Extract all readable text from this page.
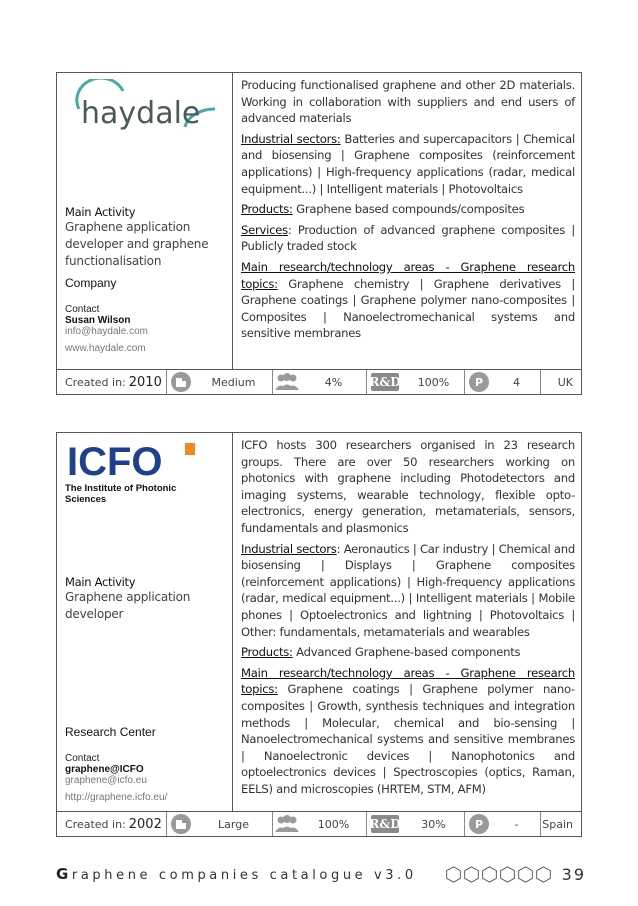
haydale
Main Activity
Graphene application developer and graphene functionalisation
Company
Contact
Susan Wilson
info@haydale.com
www.haydale.com

Producing functionalised graphene and other 2D materials. Working in collaboration with suppliers and end users of advanced materials

Industrial sectors: Batteries and supercapacitors | Chemical and biosensing | Graphene composites (reinforcement applications) | High-frequency applications (radar, medical equipment...) | Intelligent materials | Photovoltaics

Products: Graphene based compounds/composites

Services: Production of advanced graphene composites | Publicly traded stock

Main research/technology areas - Graphene research topics: Graphene chemistry | Graphene derivatives | Graphene coatings | Graphene polymer nano-composites | Composites | Nanoelectromechanical systems and sensitive membranes

Created in: 2010	Medium	4%	R&D	100%	P	4	UK
ICFO
The Institute of Photonic
Sciences
Main Activity
Graphene application developer
Research Center
Contact
graphene@ICFO
graphene@icfo.eu
http://graphene.icfo.eu/

ICFO hosts 300 researchers organised in 23 research groups. There are over 50 researchers working on photonics with graphene including Photodetectors and imaging systems, wearable technology, flexible opto-electronics, energy generation, metamaterials, sensors, fundamentals and plasmonics

Industrial sectors: Aeronautics | Car industry | Chemical and biosensing | Displays | Graphene composites (reinforcement applications) | High-frequency applications (radar, medical equipment...) | Intelligent materials | Mobile phones | Optoelectronics and lightning | Photovoltaics | Other: fundamentals, metamaterials and wearables

Products: Advanced Graphene-based components

Main research/technology areas - Graphene research topics: Graphene coatings | Graphene polymer nano-composites | Growth, synthesis techniques and integration methods | Molecular, chemical and bio-sensing | Nanoelectromechanical systems and sensitive membranes | Nanoelectronic devices | Nanophotonics and optoelectronics devices | Spectroscopies (optics, Raman, EELS) and microscopies (HRTEM, STM, AFM)

Created in: 2002	Large	100%	R&D	30%	P	-	Spain
Graphene companies catalogue v3.0	39
